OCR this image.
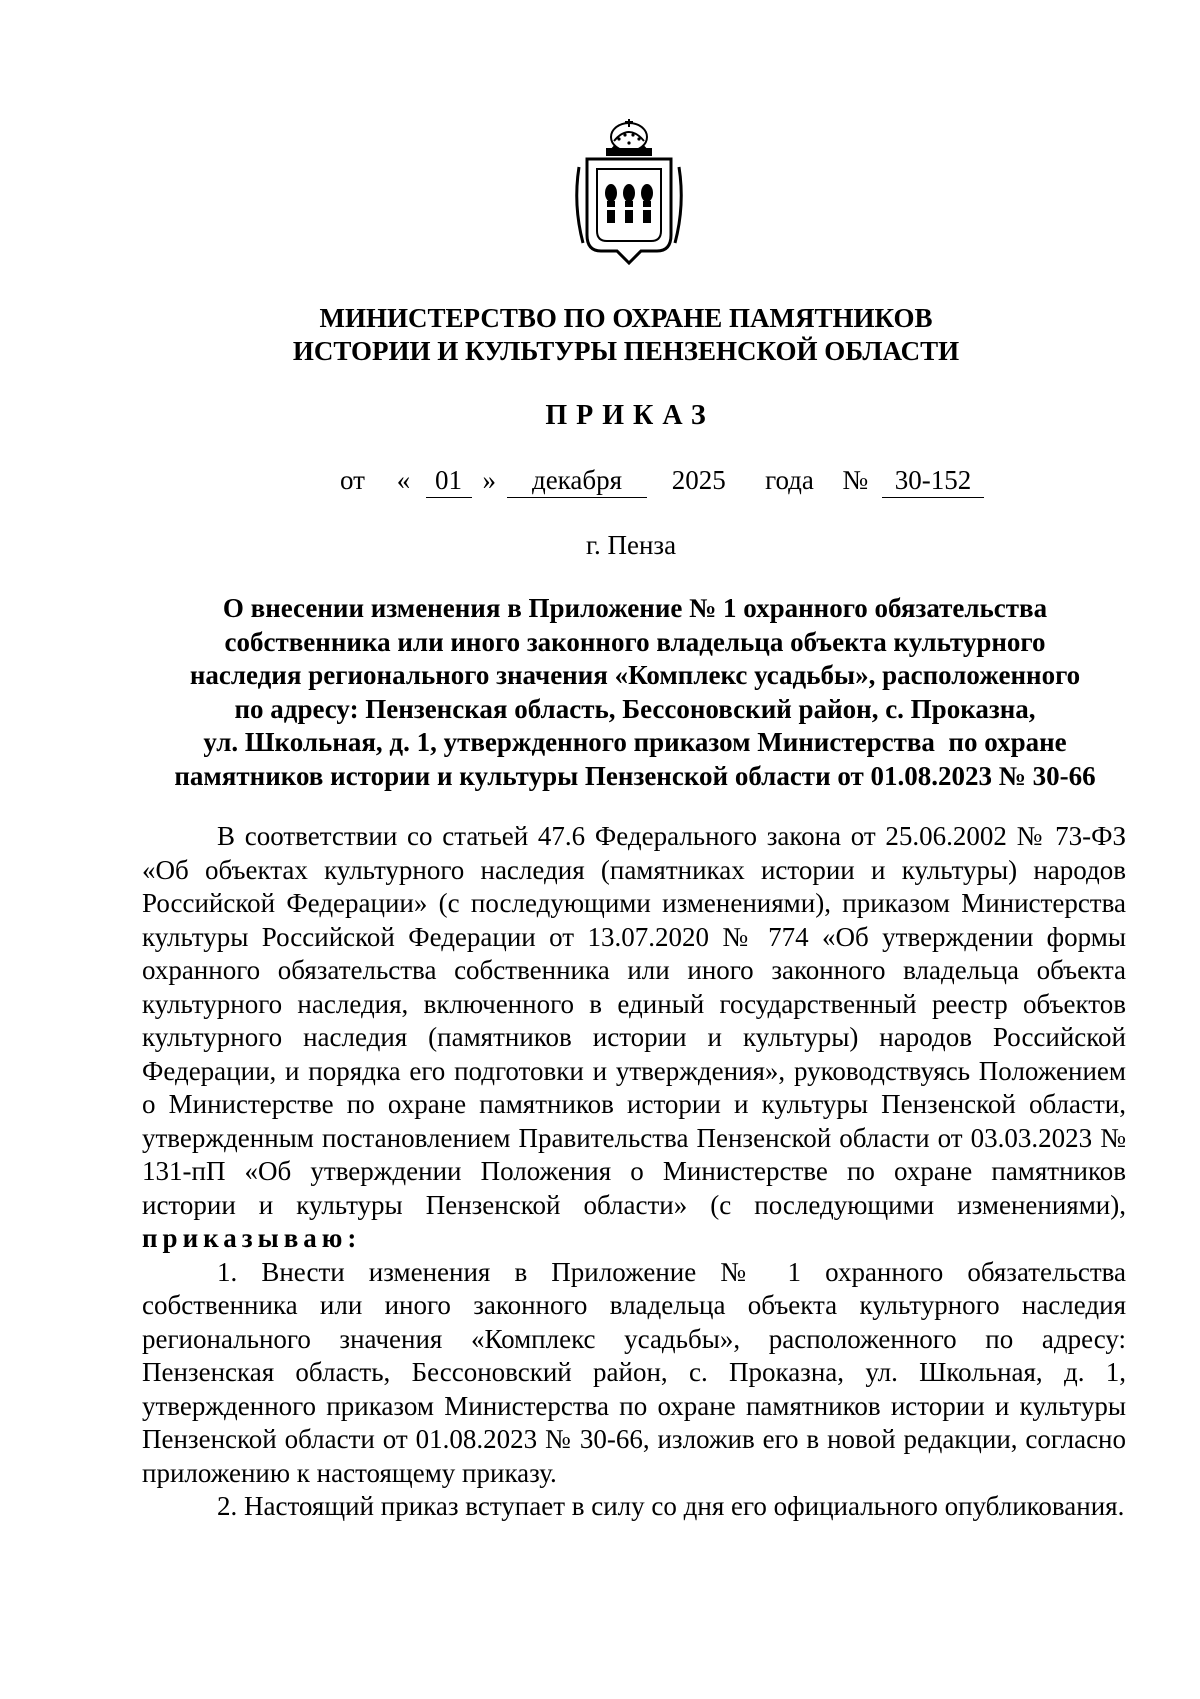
МИНИСТЕРСТВО ПО ОХРАНЕ ПАМЯТНИКОВ
ИСТОРИИ И КУЛЬТУРЫ ПЕНЗЕНСКОЙ ОБЛАСТИ
ПРИКАЗ
от « 01 » декабря 2025 года № 30-152
г. Пенза
О внесении изменения в Приложение № 1 охранного обязательства
собственника или иного законного владельца объекта культурного
наследия регионального значения «Комплекс усадьбы», расположенного
по адресу: Пензенская область, Бессоновский район, с. Проказна,
ул. Школьная, д. 1, утвержденного приказом Министерства  по охране
памятников истории и культуры Пензенской области от 01.08.2023 № 30-66

В соответствии со статьей 47.6 Федерального закона от 25.06.2002 № 73-ФЗ «Об объектах культурного наследия (памятниках истории и культуры) народов Российской Федерации» (с последующими изменениями), приказом Министерства культуры Российской Федерации от 13.07.2020 № 774 «Об утверждении формы охранного обязательства собственника или иного законного владельца объекта культурного наследия, включенного в единый государственный реестр объектов культурного наследия (памятников истории и культуры) народов Российской Федерации, и порядка его подготовки и утверждения», руководствуясь Положением о Министерстве по охране памятников истории и культуры Пензенской области, утвержденным постановлением Правительства Пензенской области от 03.03.2023 № 131-пП «Об утверждении Положения о Министерстве по охране памятников истории и культуры Пензенской области» (с последующими изменениями), приказываю:

1. Внести изменения в Приложение № 1 охранного обязательства собственника или иного законного владельца объекта культурного наследия регионального значения «Комплекс усадьбы», расположенного по адресу: Пензенская область, Бессоновский район, с. Проказна, ул. Школьная, д. 1, утвержденного приказом Министерства по охране памятников истории и культуры Пензенской области от 01.08.2023 № 30-66, изложив его в новой редакции, согласно приложению к настоящему приказу.

2. Настоящий приказ вступает в силу со дня его официального опубликования.
